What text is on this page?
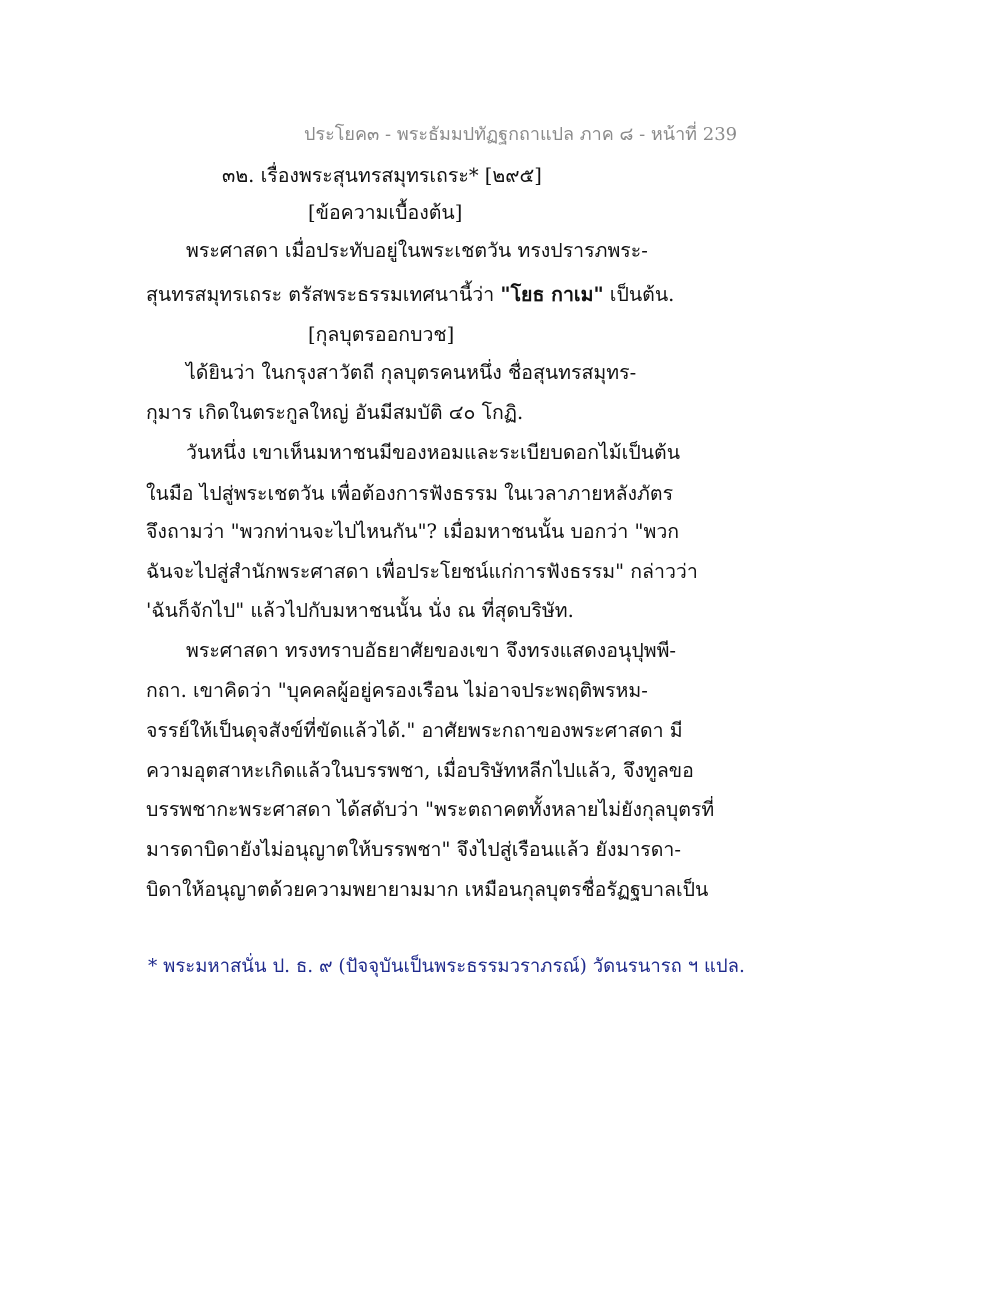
ประโยค๓ - พระธัมมปทัฏฐกถาแปล ภาค ๘ - หน้าที่ 239
๓๒. เรื่องพระสุนทรสมุทรเถระ* [๒๙๕]
[ข้อความเบื้องต้น]
พระศาสดา เมื่อประทับอยู่ในพระเชตวัน ทรงปรารภพระ-
สุนทรสมุทรเถระ ตรัสพระธรรมเทศนานี้ว่า "โยธ กาเม" เป็นต้น.
[กุลบุตรออกบวช]
ได้ยินว่า ในกรุงสาวัตถี กุลบุตรคนหนึ่ง ชื่อสุนทรสมุทร-
กุมาร เกิดในตระกูลใหญ่ อันมีสมบัติ ๔๐ โกฏิ.
วันหนึ่ง เขาเห็นมหาชนมีของหอมและระเบียบดอกไม้เป็นต้น
ในมือ ไปสู่พระเชตวัน เพื่อต้องการฟังธรรม ในเวลาภายหลังภัตร
จึงถามว่า "พวกท่านจะไปไหนกัน"? เมื่อมหาชนนั้น บอกว่า "พวก
ฉันจะไปสู่สำนักพระศาสดา เพื่อประโยชน์แก่การฟังธรรม" กล่าวว่า
'ฉันก็จักไป" แล้วไปกับมหาชนนั้น นั่ง ณ ที่สุดบริษัท.
พระศาสดา ทรงทราบอัธยาศัยของเขา จึงทรงแสดงอนุปุพพี-
กถา. เขาคิดว่า "บุคคลผู้อยู่ครองเรือน ไม่อาจประพฤติพรหม-
จรรย์ให้เป็นดุจสังข์ที่ขัดแล้วได้." อาศัยพระกถาของพระศาสดา มี
ความอุตสาหะเกิดแล้วในบรรพชา, เมื่อบริษัทหลีกไปแล้ว, จึงทูลขอ
บรรพชากะพระศาสดา ได้สดับว่า "พระตถาคตทั้งหลายไม่ยังกุลบุตรที่
มารดาบิดายังไม่อนุญาตให้บรรพชา" จึงไปสู่เรือนแล้ว ยังมารดา-
บิดาให้อนุญาตด้วยความพยายามมาก เหมือนกุลบุตรชื่อรัฏฐบาลเป็น
* พระมหาสนั่น ป. ธ. ๙ (ปัจจุบันเป็นพระธรรมวราภรณ์) วัดนรนารถ ฯ แปล.
